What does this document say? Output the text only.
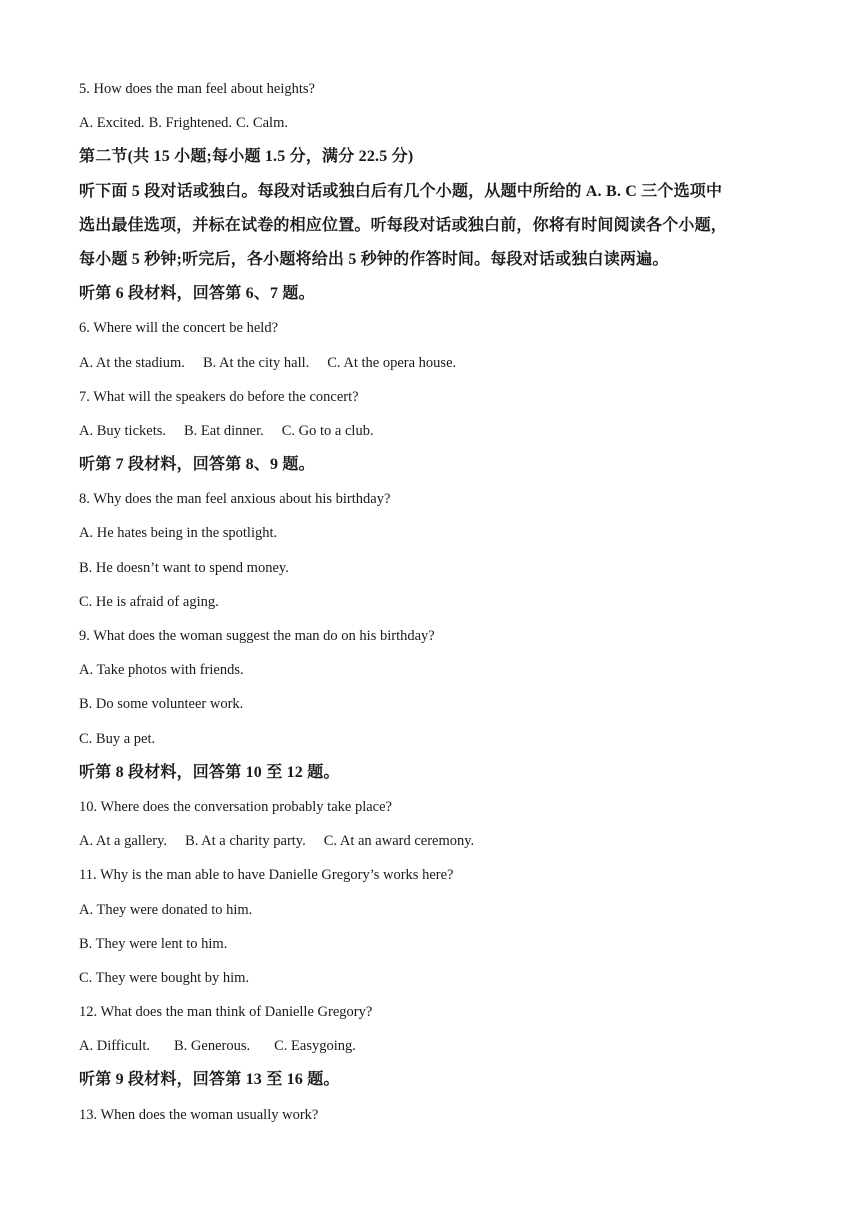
5. How does the man feel about heights?
A. Excited. B. Frightened. C. Calm.
第二节(共 15 小题;每小题 1.5 分，满分 22.5 分)
听下面 5 段对话或独白。每段对话或独白后有几个小题，从题中所给的 A. B. C 三个选项中
选出最佳选项，并标在试卷的相应位置。听每段对话或独白前，你将有时间阅读各个小题，
每小题 5 秒钟;听完后，各小题将给出 5 秒钟的作答时间。每段对话或独白读两遍。
听第 6 段材料，回答第 6、7 题。
6. Where will the concert be held?
A. At the stadium. B. At the city hall. C. At the opera house.
7. What will the speakers do before the concert?
A. Buy tickets. B. Eat dinner. C. Go to a club.
听第 7 段材料，回答第 8、9 题。
8. Why does the man feel anxious about his birthday?
A. He hates being in the spotlight.
B. He doesn’t want to spend money.
C. He is afraid of aging.
9. What does the woman suggest the man do on his birthday?
A. Take photos with friends.
B. Do some volunteer work.
C. Buy a pet.
听第 8 段材料，回答第 10 至 12 题。
10. Where does the conversation probably take place?
A. At a gallery. B. At a charity party. C. At an award ceremony.
11. Why is the man able to have Danielle Gregory’s works here?
A. They were donated to him.
B. They were lent to him.
C. They were bought by him.
12. What does the man think of Danielle Gregory?
A. Difficult. B. Generous. C. Easygoing.
听第 9 段材料，回答第 13 至 16 题。
13. When does the woman usually work?
